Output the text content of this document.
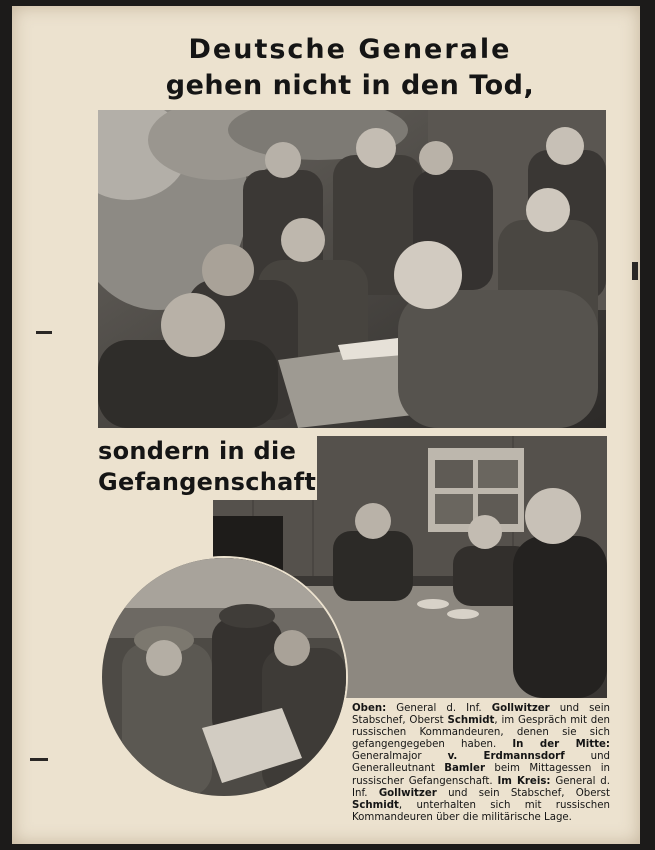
Deutsche Generale
gehen nicht in den Tod,
sondern in die
Gefangenschaft
Oben: General d. Inf. Gollwitzer und sein Stabschef, Oberst Schmidt, im Gespräch mit den russischen Kommandeuren, denen sie sich gefangengegeben haben. In der Mitte: Generalmajor v. Erdmannsdorf und Generalleutnant Bamler beim Mittagessen in russischer Gefangenschaft. Im Kreis: General d. Inf. Gollwitzer und sein Stabschef, Oberst Schmidt, unterhalten sich mit russischen Kommandeuren über die militärische Lage.
